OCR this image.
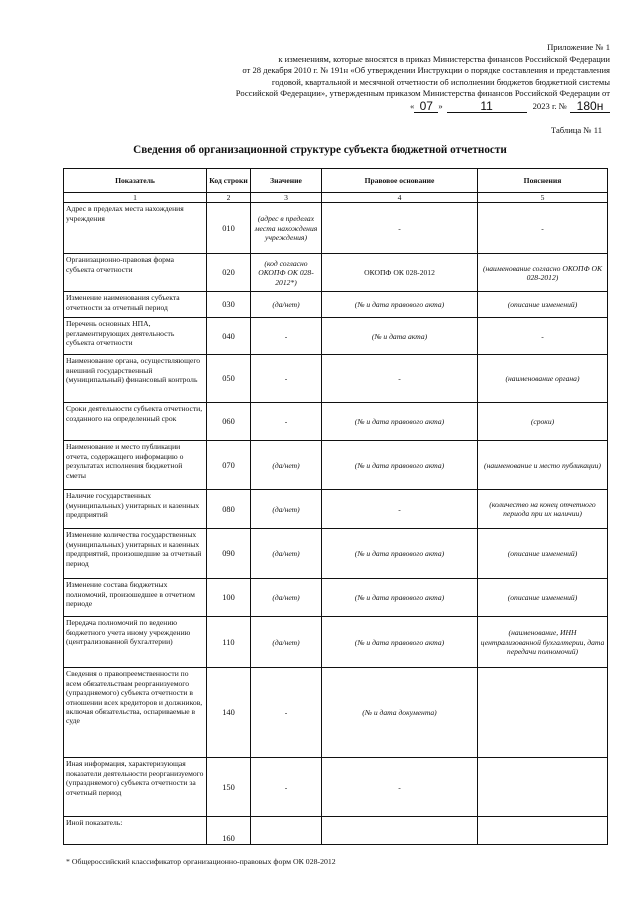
Приложение № 1
к изменениям, которые вносятся в приказ Министерства финансов Российской Федерации
от 28 декабря 2010 г. № 191н «Об утверждении Инструкции о порядке составления и представления
годовой, квартальной и месячной отчетности об исполнении бюджетов бюджетной системы
Российской Федерации», утвержденным приказом Министерства финансов Российской Федерации от
« 07 »	11	2023 г. № 180н
Таблица № 11
Сведения об организационной структуре субъекта бюджетной отчетности
Показатель	Код строки	Значение	Правовое основание	Пояснения
1	2	3	4	5
Адрес в пределах места нахождения учреждения	010	(адрес в пределах места нахождения учреждения)	-	-
Организационно-правовая форма субъекта отчетности	020	(код согласно ОКОПФ ОК 028-2012*)	ОКОПФ ОК 028-2012	(наименование согласно ОКОПФ ОК 028-2012)
Изменение наименования субъекта отчетности за отчетный период	030	(да/нет)	(№ и дата правового акта)	(описание изменений)
Перечень основных НПА, регламентирующих деятельность субъекта отчетности	040	-	(№ и дата акта)	-
Наименование органа, осуществляющего внешний государственный (муниципальный) финансовый контроль	050	-	-	(наименование органа)
Сроки деятельности субъекта отчетности, созданного на определенный срок	060	-	(№ и дата правового акта)	(сроки)
Наименование и место публикации отчета, содержащего информацию о результатах исполнения бюджетной сметы	070	(да/нет)	(№ и дата правового акта)	(наименование и место публикации)
Наличие государственных (муниципальных) унитарных и казенных предприятий	080	(да/нет)	-	(количество на конец отчетного периода при их наличии)
Изменение количества государственных (муниципальных) унитарных и казенных предприятий, произошедшие за отчетный период	090	(да/нет)	(№ и дата правового акта)	(описание изменений)
Изменение состава бюджетных полномочий, произошедшее в отчетном периоде	100	(да/нет)	(№ и дата правового акта)	(описание изменений)
Передача полномочий по ведению бюджетного учета иному учреждению (централизованной бухгалтерии)	110	(да/нет)	(№ и дата правового акта)	(наименование, ИНН централизованной бухгалтерии, дата передачи полномочий)
Сведения о правопреемственности по всем обязательствам реорганизуемого (упраздняемого) субъекта отчетности в отношении всех кредиторов и должников, включая обязательства, оспариваемые в суде	140	-	(№ и дата документа)	
Иная информация, характеризующая показатели деятельности реорганизуемого (упраздняемого) субъекта отчетности за отчетный период	150	-	-	
Иной показатель:	160			
* Общероссийский классификатор организационно-правовых форм ОК 028-2012
